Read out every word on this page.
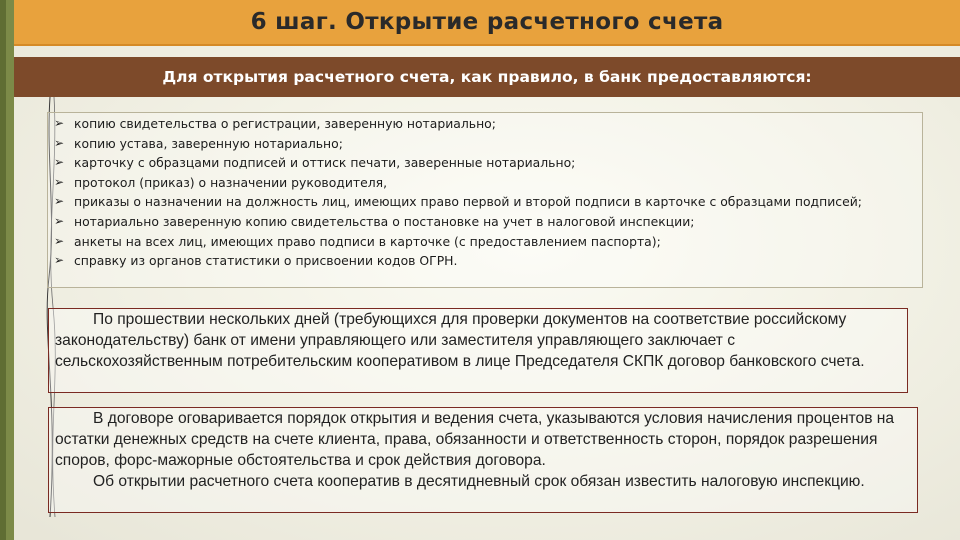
6 шаг. Открытие расчетного счета
Для открытия расчетного счета, как правило, в банк предоставляются:
➢ копию свидетельства о регистрации, заверенную нотариально;
➢ копию устава, заверенную нотариально;
➢ карточку с образцами подписей и оттиск печати, заверенные нотариально;
➢ протокол (приказ) о назначении руководителя,
➢ приказы о назначении на должность лиц, имеющих право первой и второй подписи в карточке с образцами подписей;
➢ нотариально заверенную копию свидетельства о постановке на учет в налоговой инспекции;
➢ анкеты на всех лиц, имеющих право подписи в карточке (с предоставлением паспорта);
➢ справку из органов статистики о присвоении кодов ОГРН.

По прошествии нескольких дней (требующихся для проверки документов на соответствие российскому законодательству) банк от имени управляющего или заместителя управляющего заключает с сельскохозяйственным потребительским кооперативом в лице Председателя СКПК договор банковского счета.

В договоре оговаривается порядок открытия и ведения счета, указываются условия начисления процентов на остатки денежных средств на счете клиента, права, обязанности и ответственность сторон, порядок разрешения споров, форс-мажорные обстоятельства и срок действия договора.

Об открытии расчетного счета кооператив в десятидневный срок обязан известить налоговую инспекцию.
